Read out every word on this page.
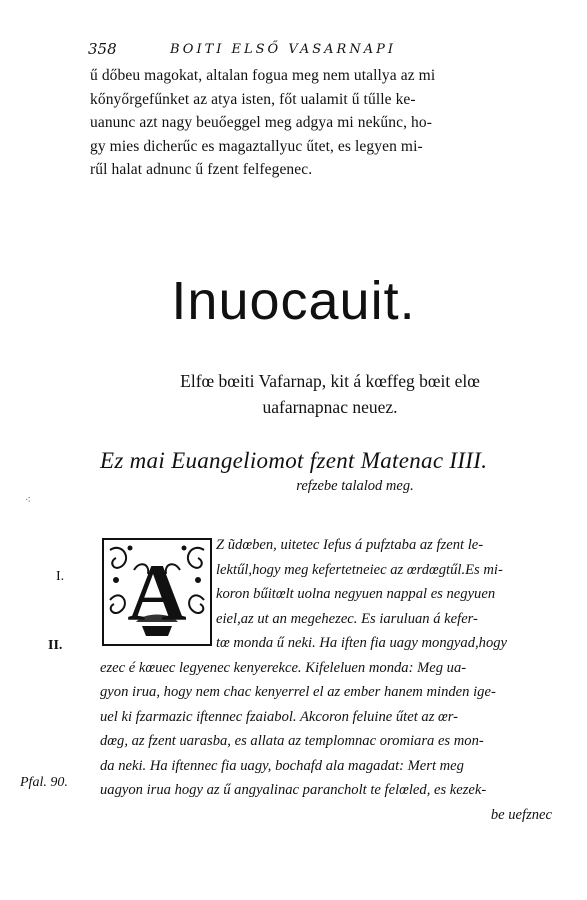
358	BOITI ELSŐ VASARNAPI
ű dőbeu magokat, altalan fogua meg nem utallya az mi
kőnyőrgefűnket az atya isten, főt ualamit ű tűlle ke-
uanunc azt nagy beuőeggel meg adgya mi nekűnc, ho-
gy mies dicherűc es magaztallyuc űtet, es legyen mi-
rűl halat adnunc ű fzent felfegenec.
Inuocauit.
Elfœ bœiti Vafarnap, kit á kœffeg bœit elœ
uafarnapnac neuez.
Ez mai Euangeliomot fzent Matenac IIII.
refzebe talalod meg.
Z ũdœben, uitetec Iefus á pufztaba az fzent le-
lektűl,hogy meg kefertetneiec az œrdœgtűl.Es mi-
koron bűitœlt uolna negyuen nappal es negyuen
eiel,az ut an megehezec. Es iaruluan á kefer-
tœ monda ű neki. Ha iften fia uagy mongyad,hogy
ezec é kœuec legyenec kenyerekce. Kifeleluen monda: Meg ua-
gyon irua, hogy nem chac kenyerrel el az ember hanem minden ige-
uel ki fzarmazic iftennec fzaiabol. Akcoron feluine űtet az œr-
dœg, az fzent uarasba, es allata az templomnac oromiara es mon-
da neki. Ha iftennec fia uagy, bochafd ala magadat: Mert meg
uagyon irua hogy az ű angyalinac parancholt te felœled, es kezek-
be uefznec
A
I.
II.
Pfal. 90.
⁖
